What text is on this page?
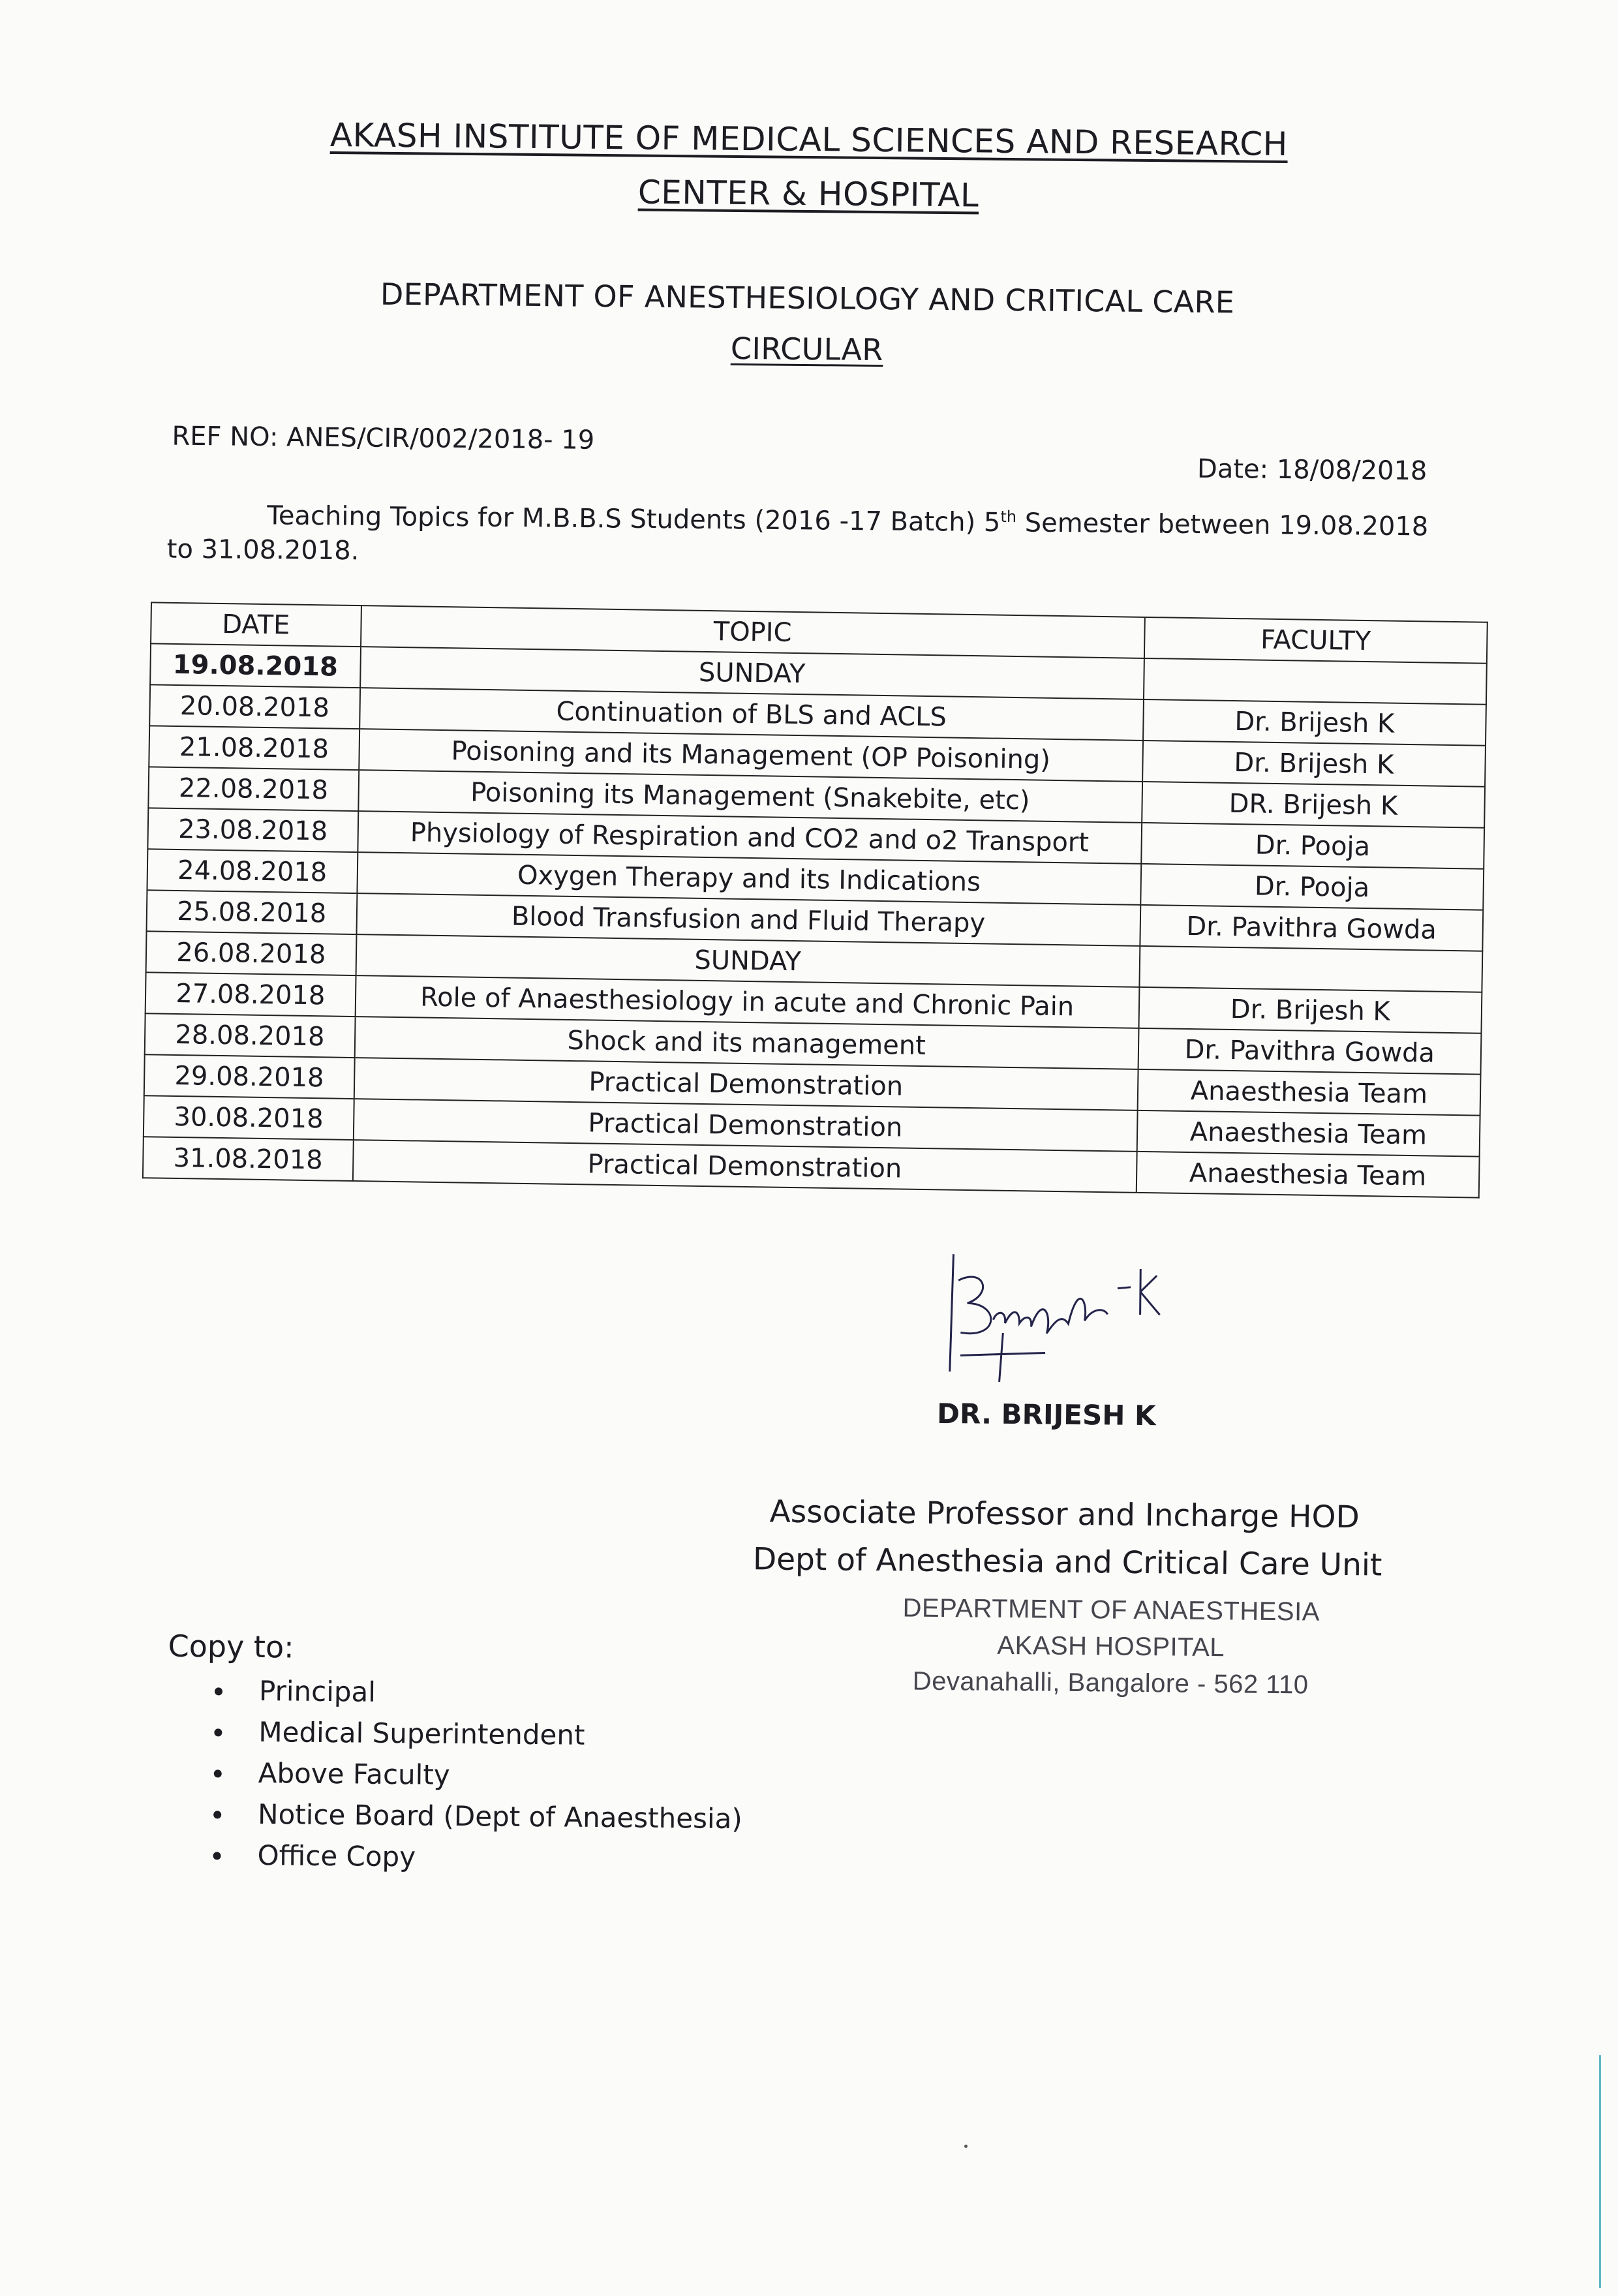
AKASH INSTITUTE OF MEDICAL SCIENCES AND RESEARCH
CENTER & HOSPITAL
DEPARTMENT OF ANESTHESIOLOGY AND CRITICAL CARE
CIRCULAR
REF NO: ANES/CIR/002/2018- 19
Date: 18/08/2018
Teaching Topics for M.B.B.S Students (2016 -17 Batch) 5th Semester between 19.08.2018
to 31.08.2018.
DATE	TOPIC	FACULTY
19.08.2018	SUNDAY	
20.08.2018	Continuation of BLS and ACLS	Dr. Brijesh K
21.08.2018	Poisoning and its Management (OP Poisoning)	Dr. Brijesh K
22.08.2018	Poisoning its Management (Snakebite, etc)	DR. Brijesh K
23.08.2018	Physiology of Respiration and CO2 and o2 Transport	Dr. Pooja
24.08.2018	Oxygen Therapy and its Indications	Dr. Pooja
25.08.2018	Blood Transfusion and Fluid Therapy	Dr. Pavithra Gowda
26.08.2018	SUNDAY	
27.08.2018	Role of Anaesthesiology in acute and Chronic Pain	Dr. Brijesh K
28.08.2018	Shock and its management	Dr. Pavithra Gowda
29.08.2018	Practical Demonstration	Anaesthesia Team
30.08.2018	Practical Demonstration	Anaesthesia Team
31.08.2018	Practical Demonstration	Anaesthesia Team
DR. BRIJESH K
Associate Professor and Incharge HOD
Dept of Anesthesia and Critical Care Unit
DEPARTMENT OF ANAESTHESIA
AKASH HOSPITAL
Devanahalli, Bangalore - 562 110
Copy to:
Principal
Medical Superintendent
Above Faculty
Notice Board (Dept of Anaesthesia)
Office Copy
